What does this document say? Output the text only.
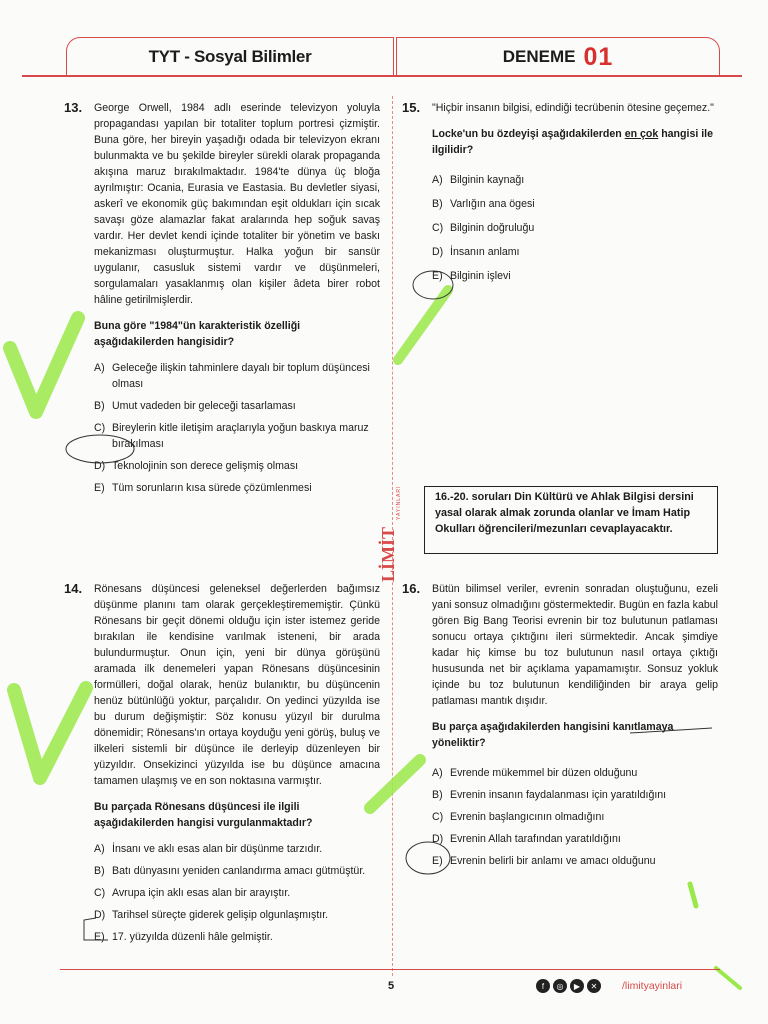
TYT - Sosyal Bilimler	DENEME 01
13. George Orwell, 1984 adlı eserinde televizyon yoluyla propagandası yapılan bir totaliter toplum portresi çizmiştir. Buna göre, her bireyin yaşadığı odada bir televizyon ekranı bulunmakta ve bu şekilde bireyler sürekli olarak propaganda akışına maruz bırakılmaktadır. 1984'te dünya üç bloğa ayrılmıştır: Ocania, Eurasia ve Eastasia. Bu devletler siyasi, askerî ve ekonomik güç bakımından eşit oldukları için sıcak savaşı göze alamazlar fakat aralarında hep soğuk savaş vardır. Her devlet kendi içinde totaliter bir yönetim ve baskı mekanizması oluşturmuştur. Halka yoğun bir sansür uygulanır, casusluk sistemi vardır ve düşünmeleri, sorgulamaları yasaklanmış olan kişiler âdeta birer robot hâline getirilmişlerdir.

Buna göre "1984"ün karakteristik özelliği aşağıdakilerden hangisidir?

A) Geleceğe ilişkin tahminlere dayalı bir toplum düşüncesi olması
B) Umut vadeden bir geleceği tasarlaması
C) Bireylerin kitle iletişim araçlarıyla yoğun baskıya maruz bırakılması
D) Teknolojinin son derece gelişmiş olması
E) Tüm sorunların kısa sürede çözümlenmesi
14. Rönesans düşüncesi geleneksel değerlerden bağımsız düşünme planını tam olarak gerçekleştirememiştir. Çünkü Rönesans bir geçit dönemi olduğu için ister istemez geride bırakılan ile kendisine varılmak isteneni, bir arada bulundurmuştur. Onun için, yeni bir dünya görüşünü aramada ilk denemeleri yapan Rönesans düşüncesinin formülleri, doğal olarak, henüz bulanıktır, bu düşüncenin henüz bütünlüğü yoktur, parçalıdır. On yedinci yüzyılda ise bu durum değişmiştir: Söz konusu yüzyıl bir durulma dönemidir; Rönesans'ın ortaya koyduğu yeni görüş, buluş ve ilkeleri sistemli bir düşünce ile derleyip düzenleyen bir yüzyıldır. Onsekizinci yüzyılda ise bu düşünce amacına tamamen ulaşmış ve en son noktasına varmıştır.

Bu parçada Rönesans düşüncesi ile ilgili aşağıdakilerden hangisi vurgulanmaktadır?

A) İnsanı ve aklı esas alan bir düşünme tarzıdır.
B) Batı dünyasını yeniden canlandırma amacı gütmüştür.
C) Avrupa için aklı esas alan bir arayıştır.
D) Tarihsel süreçte giderek gelişip olgunlaşmıştır.
E) 17. yüzyılda düzenli hâle gelmiştir.
15. "Hiçbir insanın bilgisi, edindiği tecrübenin ötesine geçemez."

Locke'un bu özdeyişi aşağıdakilerden en çok hangisi ile ilgilidir?

A) Bilginin kaynağı
B) Varlığın ana ögesi
C) Bilginin doğruluğu
D) İnsanın anlamı
E) Bilginin işlevi
16.-20. soruları Din Kültürü ve Ahlak Bilgisi dersini yasal olarak almak zorunda olanlar ve İmam Hatip Okulları öğrencileri/mezunları cevaplayacaktır.
16. Bütün bilimsel veriler, evrenin sonradan oluştuğunu, ezeli yani sonsuz olmadığını göstermektedir. Bugün en fazla kabul gören Big Bang Teorisi evrenin bir toz bulutunun patlaması sonucu ortaya çıktığını ileri sürmektedir. Ancak şimdiye kadar hiç kimse bu toz bulutunun nasıl ortaya çıktığı hususunda net bir açıklama yapamamıştır. Sonsuz yokluk içinde bu toz bulutunun kendiliğinden bir araya gelip patlaması mantık dışıdır.

Bu parça aşağıdakilerden hangisini kanıtlamaya yöneliktir?

A) Evrende mükemmel bir düzen olduğunu
B) Evrenin insanın faydalanması için yaratıldığını
C) Evrenin başlangıcının olmadığını
D) Evrenin Allah tarafından yaratıldığını
E) Evrenin belirli bir anlamı ve amacı olduğunu
LİMİT
YAYINLARI
5	f	◎	▶	✕	/limityayinlari
